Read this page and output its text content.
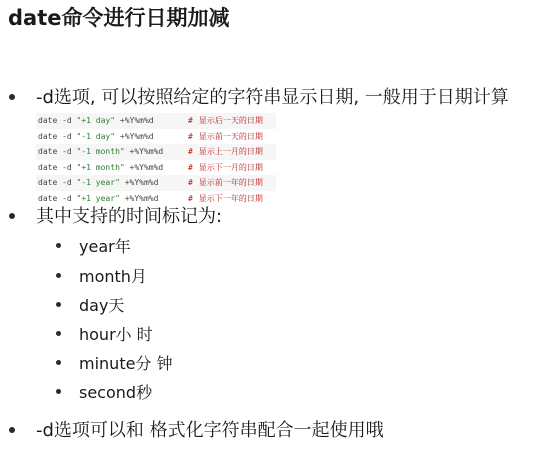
date命令进行日期加减
-d选项, 可以按照给定的字符串显示日期, 一般用于日期计算
date -d "+1 day" +%Y%m%d	# 显示后一天的日期
date -d "-1 day" +%Y%m%d	# 显示前一天的日期
date -d "-1 month" +%Y%m%d	# 显示上一月的日期
date -d "+1 month" +%Y%m%d	# 显示下一月的日期
date -d "-1 year" +%Y%m%d	# 显示前一年的日期
date -d "+1 year" +%Y%m%d	# 显示下一年的日期
其中支持的时间标记为:
year年
month月
day天
hour小 时
minute分 钟
second秒
-d选项可以和 格式化字符串配合一起使用哦
